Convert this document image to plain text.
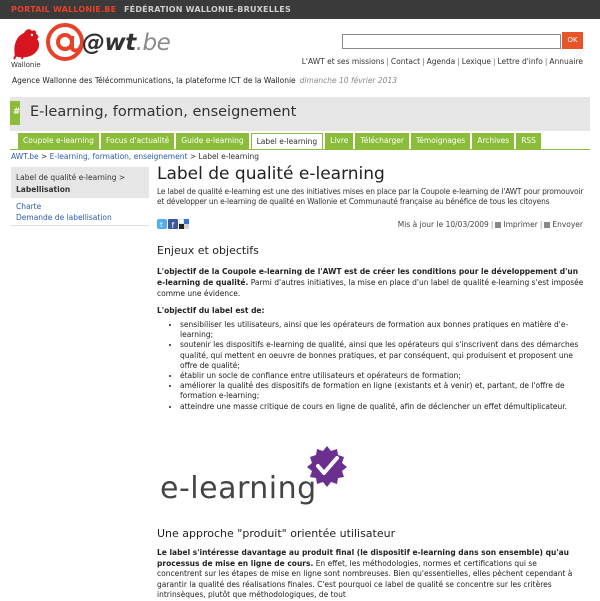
PORTAIL WALLONIE.BE FÉDÉRATION WALLONIE-BRUXELLES
Wallonie
@wt.be	OK
L'AWT et ses missions | Contact | Agenda | Lexique | Lettre d'info | Annuaire
Agence Wallonne des Télécommunications, la plateforme ICT de la Wallonie dimanche 10 février 2013
# E-learning, formation, enseignement
Coupole e-learning	Focus d'actualité	Guide e-learning	Label e-learning	Livre	Télécharger	Témoignages	Archives	RSS
AWT.be > E-learning, formation, enseignement > Label e-learning
Label de qualité e-learning >
Labellisation
Charte
Demande de labellisation
Label de qualité e-learning
Le label de qualité e-learning est une des initiatives mises en place par la Coupole e-learning de l'AWT pour promouvoir et développer un e-learning de qualité en Wallonie et Communauté française au bénéfice de tous les citoyens
t f	Mis à jour le 10/03/2009 | Imprimer | Envoyer
Enjeux et objectifs
L'objectif de la Coupole e-learning de l'AWT est de créer les conditions pour le développement d'un e-learning de qualité. Parmi d'autres initiatives, la mise en place d'un label de qualité e-learning s'est imposée comme une évidence.
L'objectif du label est de:
• sensibiliser les utilisateurs, ainsi que les opérateurs de formation aux bonnes pratiques en matière d'e-learning;
• soutenir les dispositifs e-learning de qualité, ainsi que les opérateurs qui s'inscrivent dans des démarches qualité, qui mettent en oeuvre de bonnes pratiques, et par conséquent, qui produisent et proposent une offre de qualité;
• établir un socle de confiance entre utilisateurs et opérateurs de formation;
• améliorer la qualité des dispositifs de formation en ligne (existants et à venir) et, partant, de l'offre de formation e-learning;
• atteindre une masse critique de cours en ligne de qualité, afin de déclencher un effet démultiplicateur.
e-learning
Une approche "produit" orientée utilisateur
Le label s'intéresse davantage au produit final (le dispositif e-learning dans son ensemble) qu'au processus de mise en ligne de cours. En effet, les méthodologies, normes et certifications qui se concentrent sur les étapes de mise en ligne sont nombreuses. Bien qu'essentielles, elles pèchent cependant à garantir la qualité des réalisations finales. C'est pourquoi ce label de qualité se concentre sur les critères intrinsèques, plutôt que méthodologiques, de tout
